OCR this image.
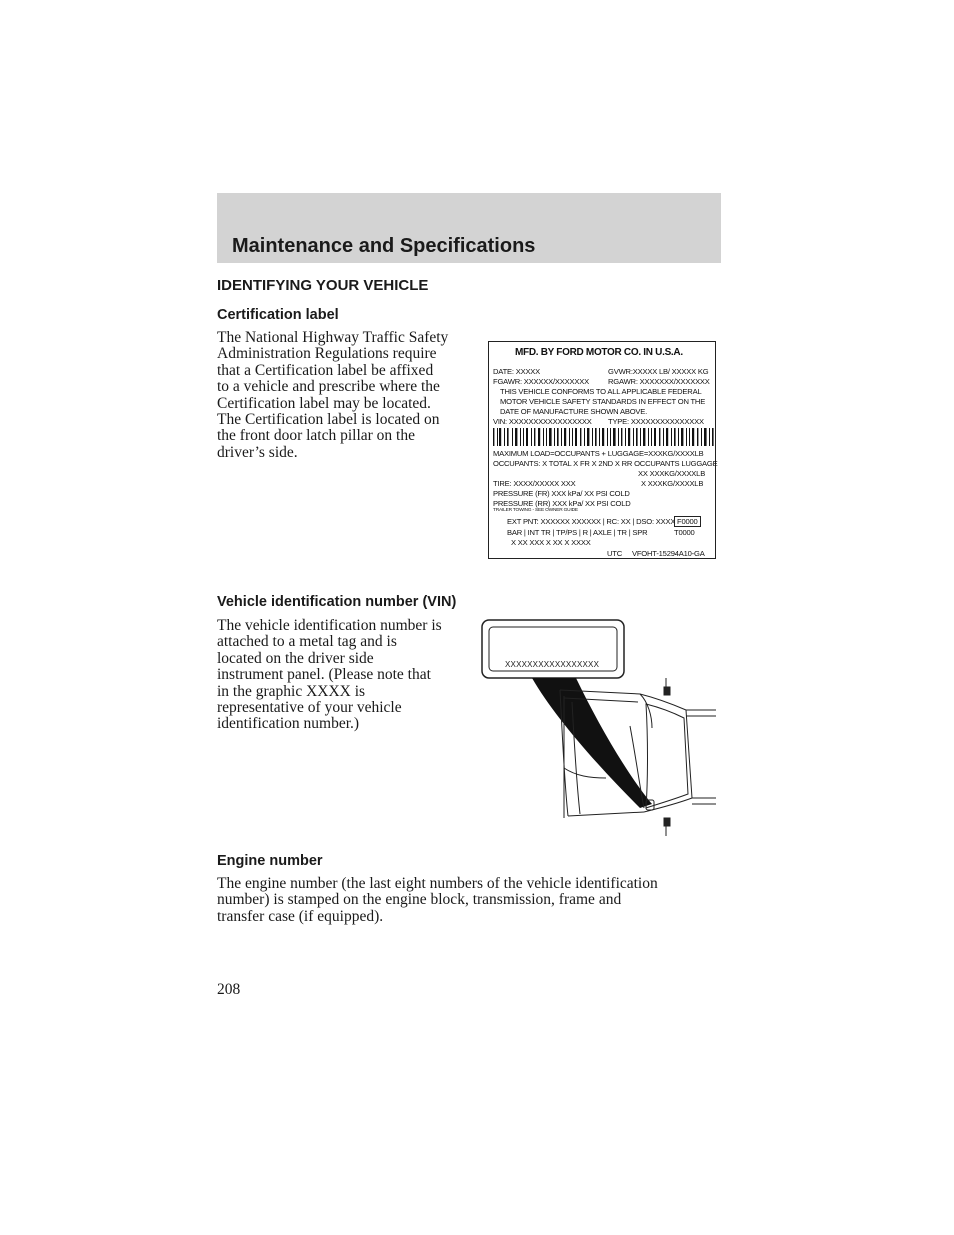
Maintenance and Specifications
IDENTIFYING YOUR VEHICLE
Certification label
The National Highway Traffic Safety
Administration Regulations require
that a Certification label be affixed
to a vehicle and prescribe where the
Certification label may be located.
The Certification label is located on
the front door latch pillar on the
driver’s side.
MFD. BY FORD MOTOR CO. IN U.S.A.
DATE: XXXXX	GVWR:XXXXX LB/ XXXXX KG
FGAWR: XXXXXX/XXXXXXX	RGAWR: XXXXXXX/XXXXXXX
THIS VEHICLE CONFORMS TO ALL APPLICABLE FEDERAL
MOTOR VEHICLE SAFETY STANDARDS IN EFFECT ON THE
DATE OF MANUFACTURE SHOWN ABOVE.
VIN: XXXXXXXXXXXXXXXXX TYPE: XXXXXXXXXXXXXXX
MAXIMUM LOAD=OCCUPANTS + LUGGAGE=XXXKG/XXXXLB
OCCUPANTS: X TOTAL X FR X 2ND X RR OCCUPANTS LUGGAGE
XX XXXKG/XXXXLB
TIRE: XXXX/XXXXX XXX	X XXXKG/XXXXLB
PRESSURE (FR) XXX kPa/ XX PSI COLD
PRESSURE (RR) XXX kPa/ XX PSI COLD
TRAILER TOWING - SEE OWNER GUIDE
EXT PNT: XXXXXX XXXXXX | RC: XX | DSO: XXXX F0000
BAR | INT TR | TP/PS | R | AXLE | TR | SPR	T0000
X XX XXX X XX X XXXX
UTC VFOHT-15294A10-GA
Vehicle identification number (VIN)
The vehicle identification number is
attached to a metal tag and is
located on the driver side
instrument panel. (Please note that
in the graphic XXXX is
representative of your vehicle
identification number.)
XXXXXXXXXXXXXXXXX
Engine number
The engine number (the last eight numbers of the vehicle identification
number) is stamped on the engine block, transmission, frame and
transfer case (if equipped).
208
